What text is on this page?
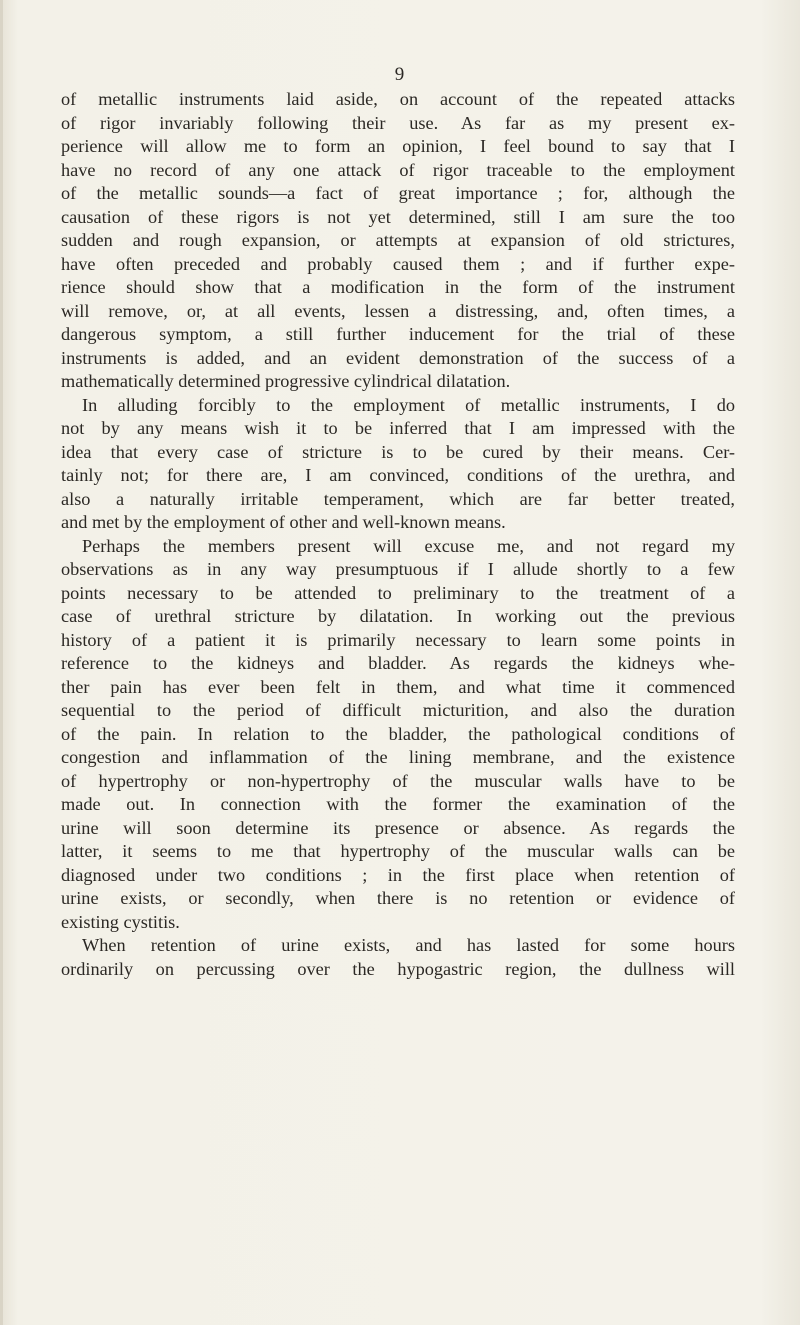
9
of metallic instruments laid aside, on account of the repeated attacks
of rigor invariably following their use. As far as my present ex-
perience will allow me to form an opinion, I feel bound to say that I
have no record of any one attack of rigor traceable to the employment
of the metallic sounds—a fact of great importance ; for, although the
causation of these rigors is not yet determined, still I am sure the too
sudden and rough expansion, or attempts at expansion of old strictures,
have often preceded and probably caused them ; and if further expe-
rience should show that a modification in the form of the instrument
will remove, or, at all events, lessen a distressing, and, often times, a
dangerous symptom, a still further inducement for the trial of these
instruments is added, and an evident demonstration of the success of a
mathematically determined progressive cylindrical dilatation.
In alluding forcibly to the employment of metallic instruments, I do
not by any means wish it to be inferred that I am impressed with the
idea that every case of stricture is to be cured by their means. Cer-
tainly not; for there are, I am convinced, conditions of the urethra, and
also a naturally irritable temperament, which are far better treated,
and met by the employment of other and well-known means.
Perhaps the members present will excuse me, and not regard my
observations as in any way presumptuous if I allude shortly to a few
points necessary to be attended to preliminary to the treatment of a
case of urethral stricture by dilatation. In working out the previous
history of a patient it is primarily necessary to learn some points in
reference to the kidneys and bladder. As regards the kidneys whe-
ther pain has ever been felt in them, and what time it commenced
sequential to the period of difficult micturition, and also the duration
of the pain. In relation to the bladder, the pathological conditions of
congestion and inflammation of the lining membrane, and the existence
of hypertrophy or non-hypertrophy of the muscular walls have to be
made out. In connection with the former the examination of the
urine will soon determine its presence or absence. As regards the
latter, it seems to me that hypertrophy of the muscular walls can be
diagnosed under two conditions ; in the first place when retention of
urine exists, or secondly, when there is no retention or evidence of
existing cystitis.
When retention of urine exists, and has lasted for some hours
ordinarily on percussing over the hypogastric region, the dullness will
